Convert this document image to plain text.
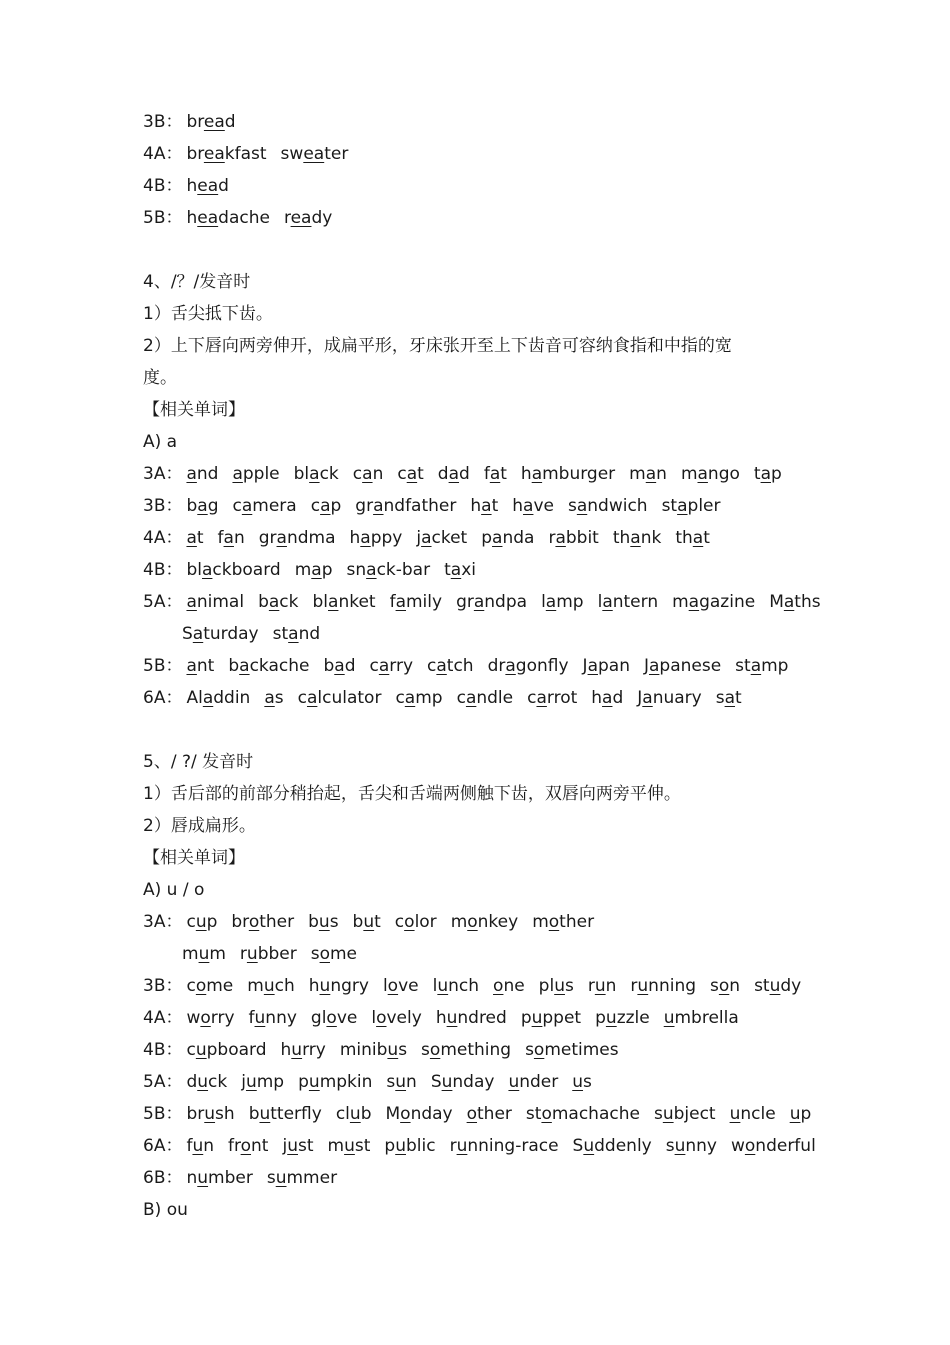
3B： bread
4A： breakfast sweater
4B： head
5B： headache ready
4、/？/发音时
1）舌尖抵下齿。
2）上下唇向两旁伸开，成扁平形，牙床张开至上下齿音可容纳食指和中指的宽
度。
【相关单词】
A) a
3A： and apple black can cat dad fat hamburger man mango tap
3B： bag camera cap grandfather hat have sandwich stapler
4A： at fan grandma happy jacket panda rabbit thank that
4B： blackboard map snack-bar taxi
5A： animal back blanket family grandpa lamp lantern magazine Maths
Saturday stand
5B： ant backache bad carry catch dragonfly Japan Japanese stamp
6A： Aladdin as calculator camp candle carrot had January sat
5、/ ?/ 发音时
1）舌后部的前部分稍抬起，舌尖和舌端两侧触下齿，双唇向两旁平伸。
2）唇成扁形。
【相关单词】
A) u / o
3A： cup brother bus but color monkey mother
mum rubber some
3B： come much hungry love lunch one plus run running son study
4A： worry funny glove lovely hundred puppet puzzle umbrella
4B： cupboard hurry minibus something sometimes
5A： duck jump pumpkin sun Sunday under us
5B： brush butterfly club Monday other stomachache subject uncle up
6A： fun front just must public running-race Suddenly sunny wonderful
6B： number summer
B) ou
